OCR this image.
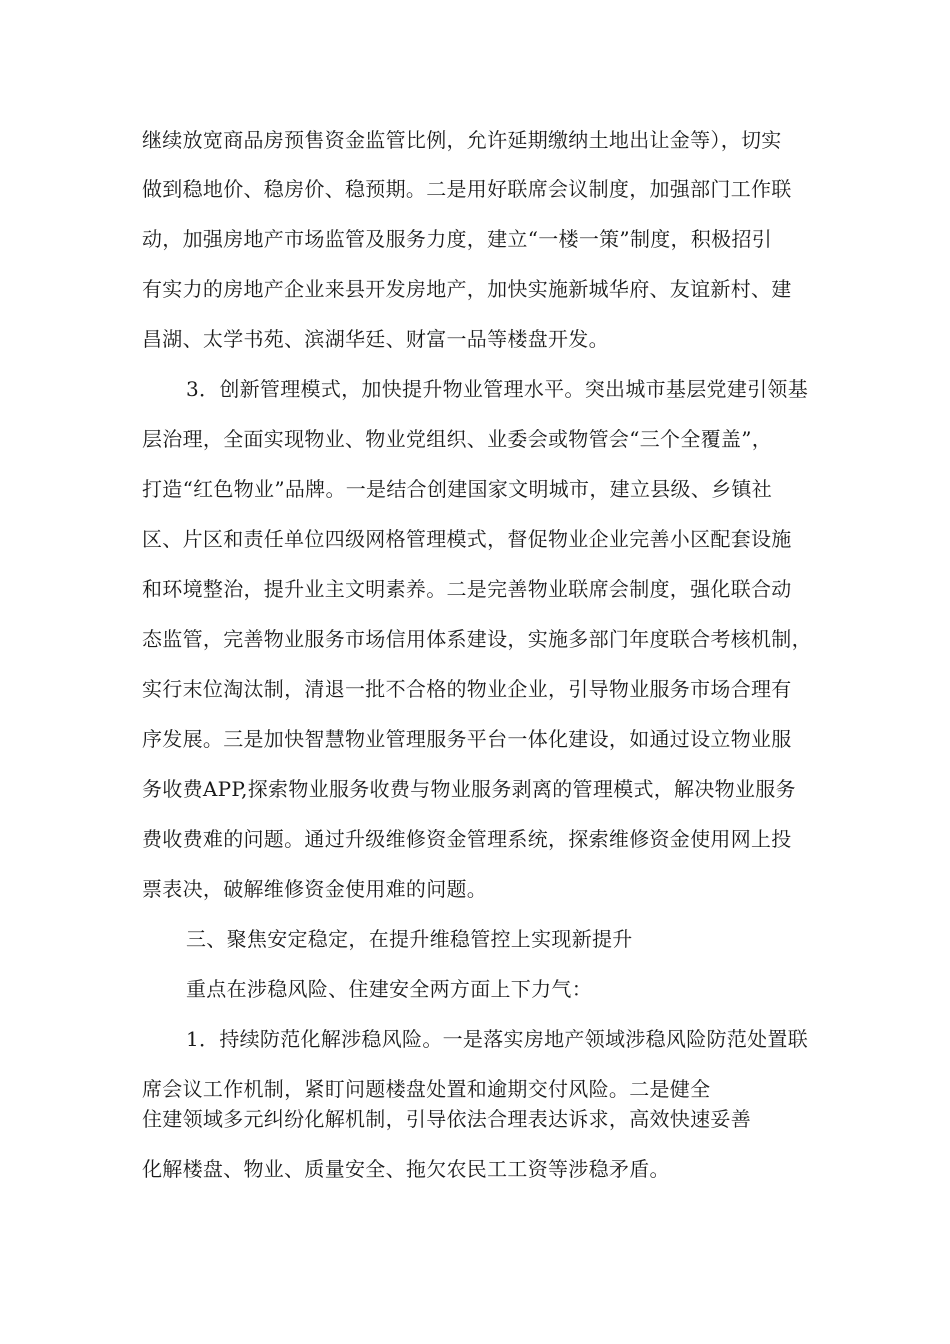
继续放宽商品房预售资金监管比例，允许延期缴纳土地出让金等），切实
做到稳地价、稳房价、稳预期。二是用好联席会议制度，加强部门工作联
动，加强房地产市场监管及服务力度，建立“一楼一策”制度，积极招引
有实力的房地产企业来县开发房地产，加快实施新城华府、友谊新村、建
昌湖、太学书苑、滨湖华廷、财富一品等楼盘开发。
3．创新管理模式，加快提升物业管理水平。突出城市基层党建引领基
层治理，全面实现物业、物业党组织、业委会或物管会“三个全覆盖”，
打造“红色物业”品牌。一是结合创建国家文明城市，建立县级、乡镇社
区、片区和责任单位四级网格管理模式，督促物业企业完善小区配套设施
和环境整治，提升业主文明素养。二是完善物业联席会制度，强化联合动
态监管，完善物业服务市场信用体系建设，实施多部门年度联合考核机制，
实行末位淘汰制，清退一批不合格的物业企业，引导物业服务市场合理有
序发展。三是加快智慧物业管理服务平台一体化建设，如通过设立物业服
务收费APP,探索物业服务收费与物业服务剥离的管理模式，解决物业服务
费收费难的问题。通过升级维修资金管理系统，探索维修资金使用网上投
票表决，破解维修资金使用难的问题。
三、聚焦安定稳定，在提升维稳管控上实现新提升
重点在涉稳风险、住建安全两方面上下力气：
1．持续防范化解涉稳风险。一是落实房地产领域涉稳风险防范处置联
席会议工作机制，紧盯问题楼盘处置和逾期交付风险。二是健全
住建领域多元纠纷化解机制，引导依法合理表达诉求，高效快速妥善
化解楼盘、物业、质量安全、拖欠农民工工资等涉稳矛盾。
